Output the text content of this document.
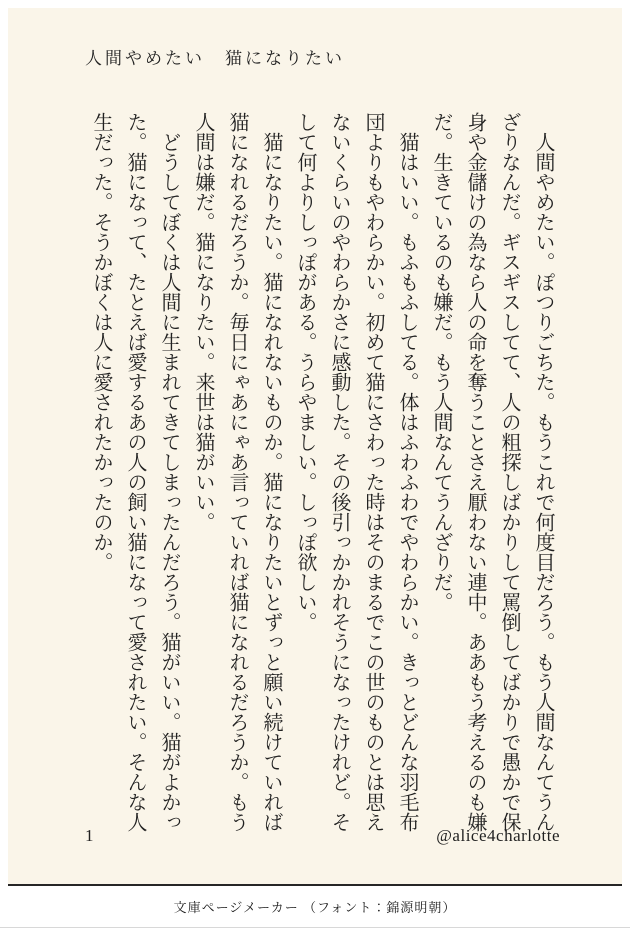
人間やめたい　猫になりたい

　人間やめたい。ぽつりごちた。もうこれで何度目だろう。もう人間なんてうんざりなんだ。ギスギスしてて、人の粗探しばかりして罵倒してばかりで愚かで保身や金儲けの為なら人の命を奪うことさえ厭わない連中。ああもう考えるのも嫌だ。生きているのも嫌だ。もう人間なんてうんざりだ。

　猫はいい。もふもふしてる。体はふわふわでやわらかい。きっとどんな羽毛布団よりもやわらかい。初めて猫にさわった時はそのまるでこの世のものとは思えないくらいのやわらかさに感動した。その後引っかかれそうになったけれど。そして何よりしっぽがある。うらやましい。しっぽ欲しい。

　猫になりたい。猫になれないものか。猫になりたいとずっと願い続けていれば猫になれるだろうか。毎日にゃあにゃあ言っていれば猫になれるだろうか。もう人間は嫌だ。猫になりたい。来世は猫がいい。

　どうしてぼくは人間に生まれてきてしまったんだろう。猫がいい。猫がよかった。猫になって、たとえば愛するあの人の飼い猫になって愛されたい。そんな人生だった。そうかぼくは人に愛されたかったのか。

1	@alice4charlotte
文庫ページメーカー （フォント：錦源明朝）
